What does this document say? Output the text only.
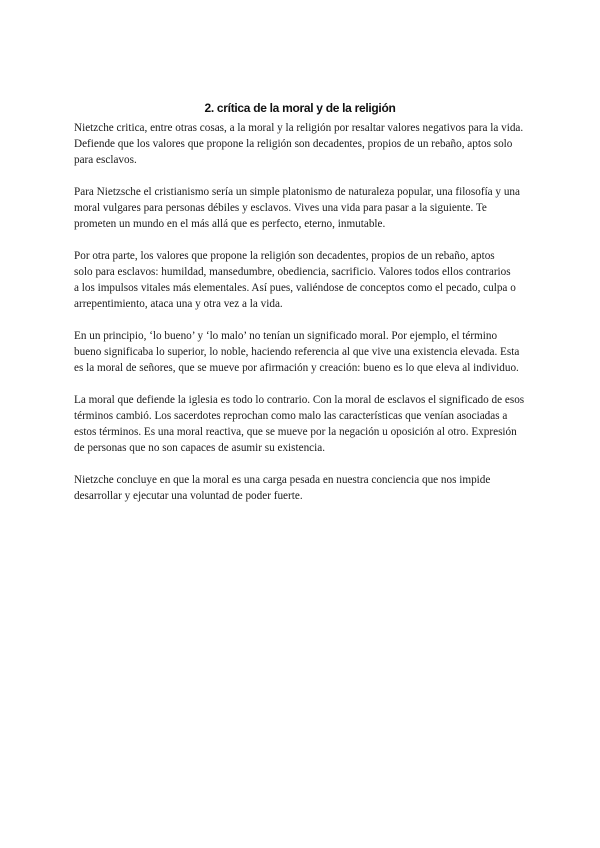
2. crítica de la moral y de la religión

Nietzche critica, entre otras cosas, a la moral y la religión por resaltar valores negativos para la vida.
Defiende que los valores que propone la religión son decadentes, propios de un rebaño, aptos solo
para esclavos.

Para Nietzsche el cristianismo sería un simple platonismo de naturaleza popular, una filosofía y una
moral vulgares para personas débiles y esclavos. Vives una vida para pasar a la siguiente. Te
prometen un mundo en el más allá que es perfecto, eterno, inmutable.

Por otra parte, los valores que propone la religión son decadentes, propios de un rebaño, aptos
solo para esclavos: humildad, mansedumbre, obediencia, sacrificio. Valores todos ellos contrarios
a los impulsos vitales más elementales. Así pues, valiéndose de conceptos como el pecado, culpa o
arrepentimiento, ataca una y otra vez a la vida.

En un principio, ‘lo bueno’ y ‘lo malo’ no tenían un significado moral. Por ejemplo, el término
bueno significaba lo superior, lo noble, haciendo referencia al que vive una existencia elevada. Esta
es la moral de señores, que se mueve por afirmación y creación: bueno es lo que eleva al individuo.

La moral que defiende la iglesia es todo lo contrario. Con la moral de esclavos el significado de esos
términos cambió. Los sacerdotes reprochan como malo las características que venían asociadas a
estos términos. Es una moral reactiva, que se mueve por la negación u oposición al otro. Expresión
de personas que no son capaces de asumir su existencia.

Nietzche concluye en que la moral es una carga pesada en nuestra conciencia que nos impide
desarrollar y ejecutar una voluntad de poder fuerte.
